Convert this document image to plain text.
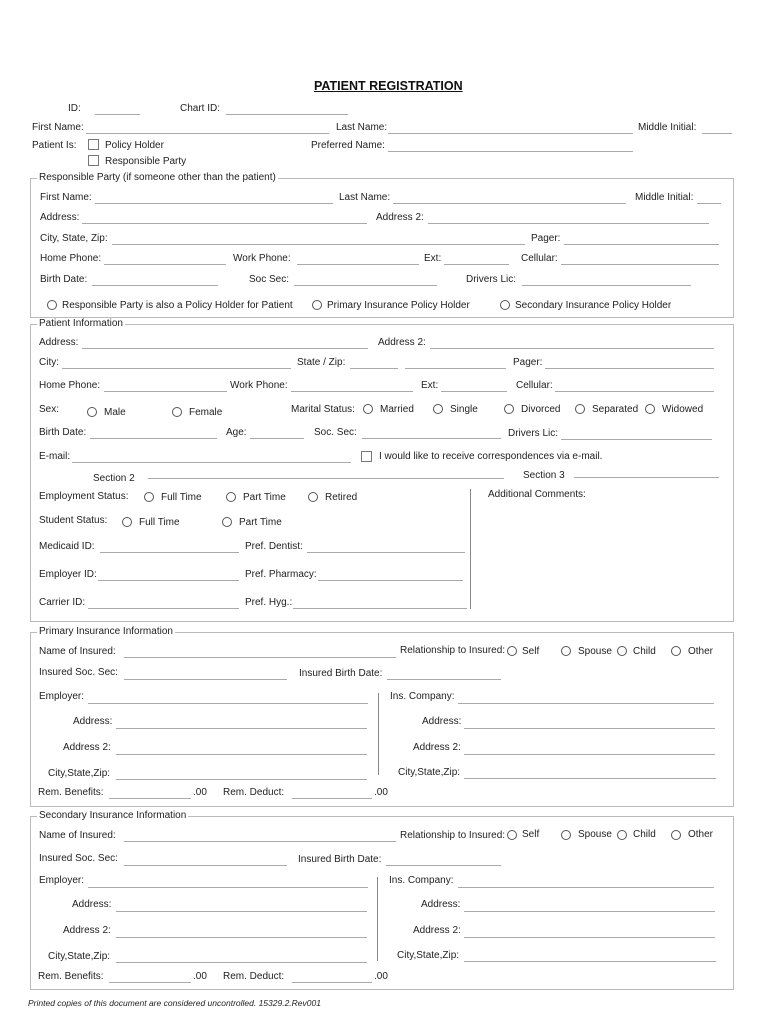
PATIENT REGISTRATION
ID:	Chart ID:
First Name:	Last Name:	Middle Initial:
Patient Is:	Policy Holder	Preferred Name:
Responsible Party
Responsible Party (if someone other than the patient)
First Name:	Last Name:	Middle Initial:
Address:	Address 2:
City, State, Zip:	Pager:
Home Phone:	Work Phone:	Ext:	Cellular:
Birth Date:	Soc Sec:	Drivers Lic:
Responsible Party is also a Policy Holder for Patient	Primary Insurance Policy Holder	Secondary Insurance Policy Holder
Patient Information
Address:	Address 2:
City:	State / Zip:	Pager:
Home Phone:	Work Phone:	Ext:	Cellular:
Sex:	Male	Female	Marital Status:	Married	Single	Divorced	Separated Widowed
Birth Date:	Age:	Soc. Sec:	Drivers Lic:
E-mail:	I would like to receive correspondences via e-mail.
Section 2	Section 3
Employment Status:	Full Time	Part Time	Retired	Additional Comments:
Student Status:	Full Time	Part Time
Medicaid ID:	Pref. Dentist:
Employer ID:	Pref. Pharmacy:
Carrier ID:	Pref. Hyg.:
Primary Insurance Information
Name of Insured:	Relationship to Insured: Self	Spouse Child	Other
Insured Soc. Sec:	Insured Birth Date:
Employer:	Ins. Company:
Address:	Address:
Address 2:	Address 2:
City,State,Zip:	City,State,Zip:
Rem. Benefits:	.00 Rem. Deduct:	.00
Secondary Insurance Information
Name of Insured:	Relationship to Insured: Self	Spouse Child	Other
Insured Soc. Sec:	Insured Birth Date:
Employer:	Ins. Company:
Address:	Address:
Address 2:	Address 2:
City,State,Zip:	City,State,Zip:
Rem. Benefits:	.00 Rem. Deduct:	.00
Printed copies of this document are considered uncontrolled. 15329.2.Rev001
